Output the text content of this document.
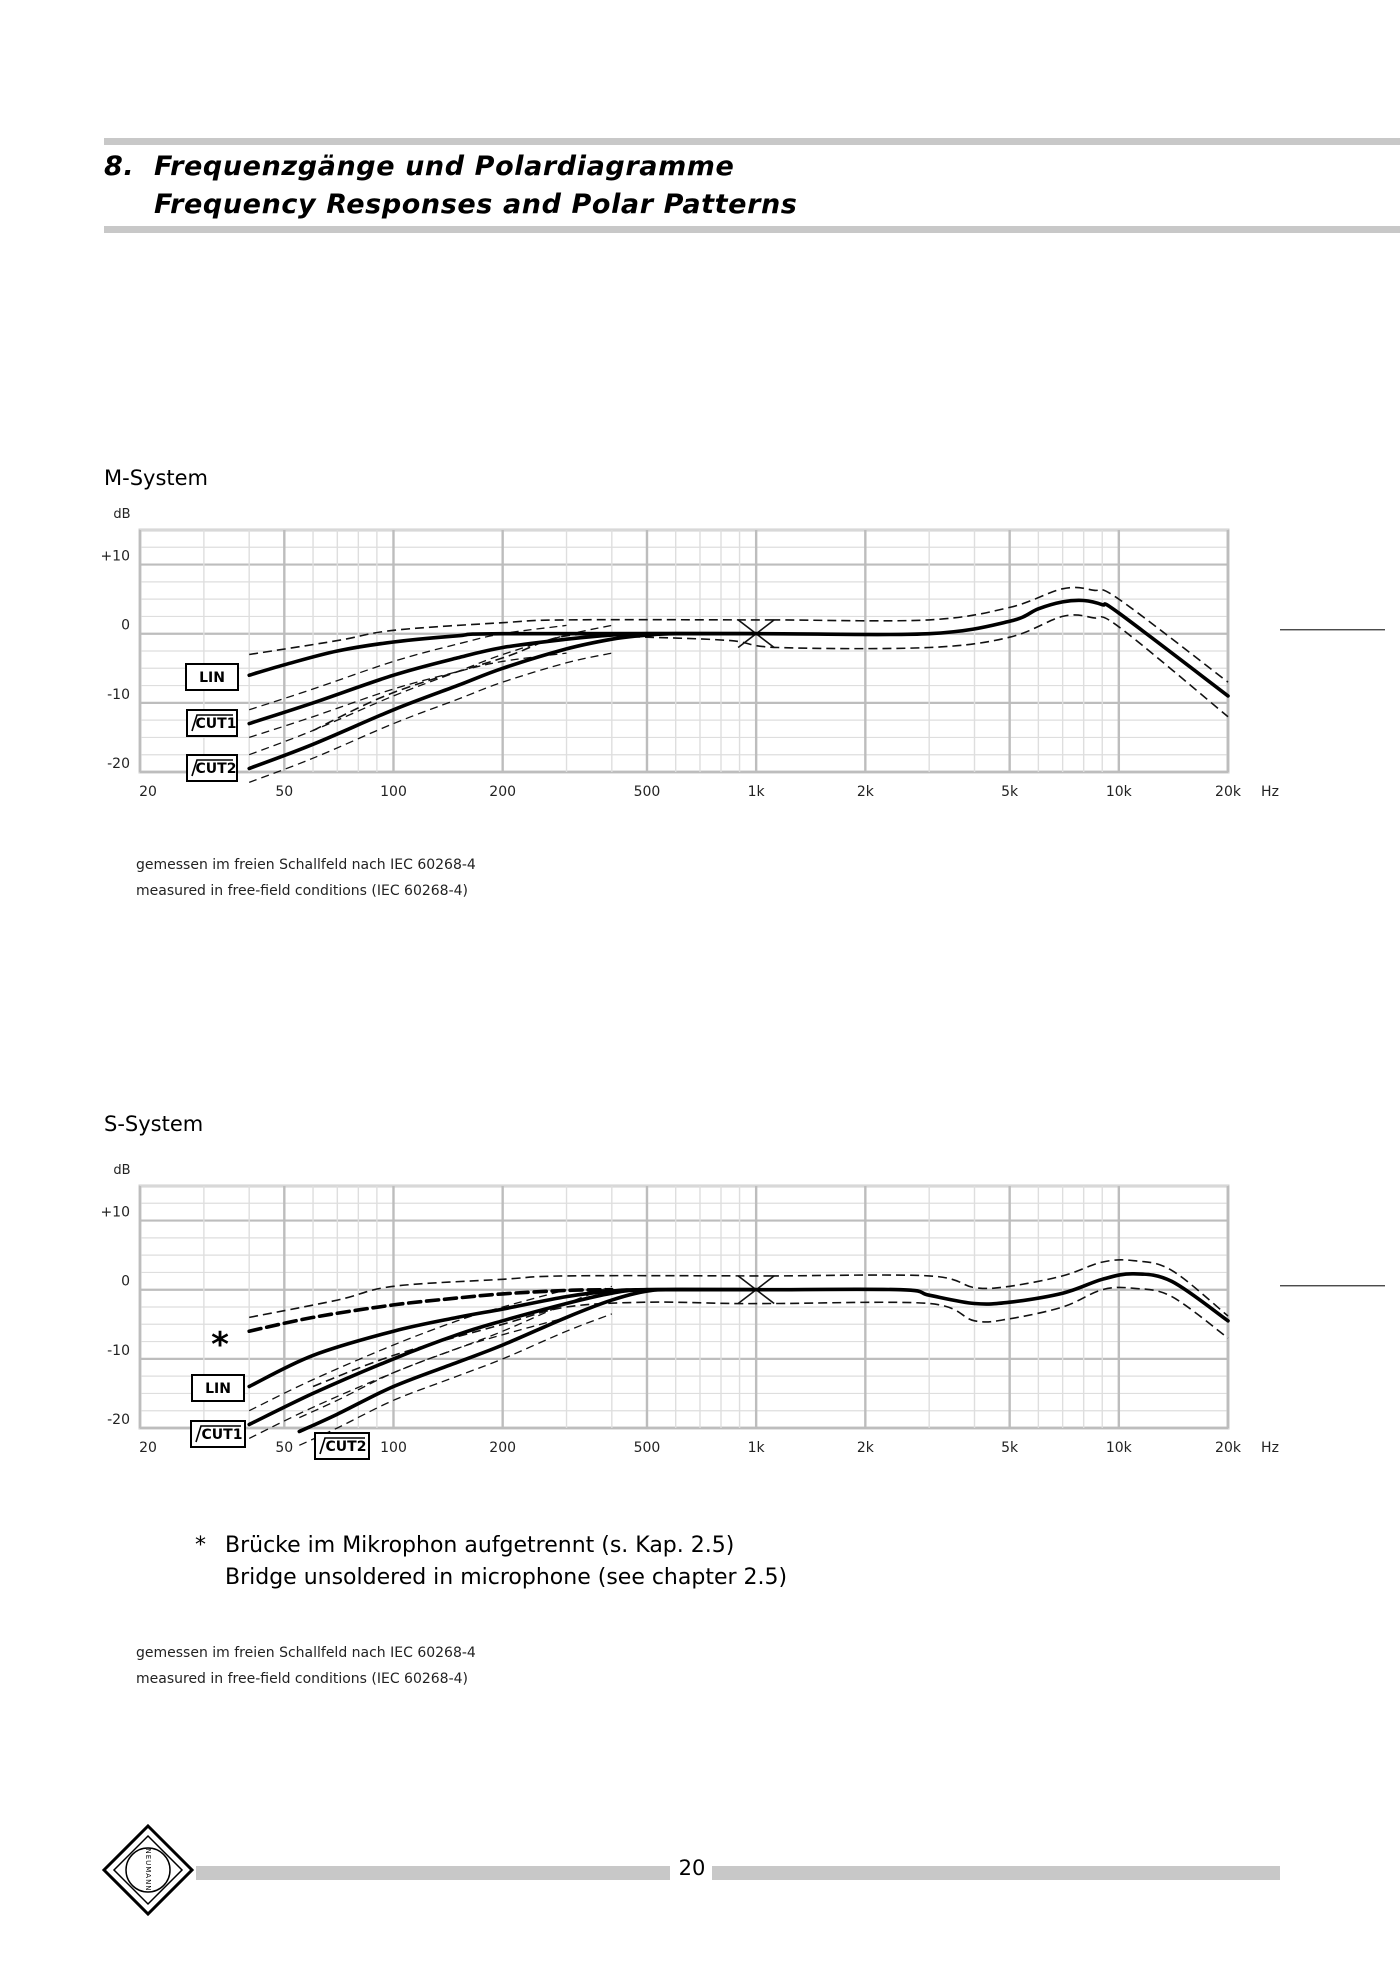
8. Frequenzgänge und Polardiagramme
Frequency Responses and Polar Patterns
M-System
dB
+10
0
-10
-20
20	50	100	200	500	1k	2k	5k	10k	20k Hz
LIN
CUT1
CUT2
gemessen im freien Schallfeld nach IEC 60268-4
measured in free-field conditions (IEC 60268-4)
S-System
dB
+10
0
-10
-20
20	50	100	200	500	1k	2k	5k	10k	20k Hz
*
LIN
CUT1
CUT2
* Brücke im Mikrophon aufgetrennt (s. Kap. 2.5)
Bridge unsoldered in microphone (see chapter 2.5)
gemessen im freien Schallfeld nach IEC 60268-4
measured in free-field conditions (IEC 60268-4)
NEUMANN	20
